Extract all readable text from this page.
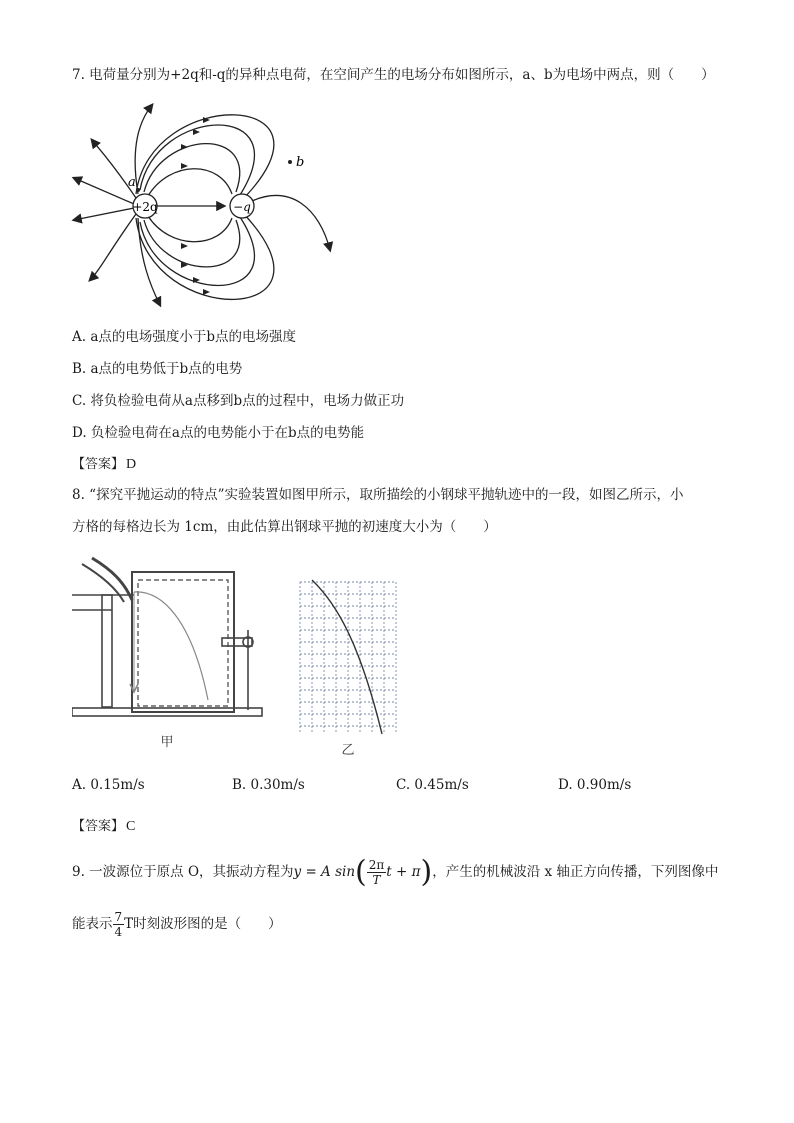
7. 电荷量分别为+2q和-q的异种点电荷，在空间产生的电场分布如图所示，a、b为电场中两点，则（　　）
+2q	−q
a
b
A. a点的电场强度小于b点的电场强度
B. a点的电势低于b点的电势
C. 将负检验电荷从a点移到b点的过程中，电场力做正功
D. 负检验电荷在a点的电势能小于在b点的电势能
【答案】 D
8. “探究平抛运动的特点”实验装置如图甲所示，取所描绘的小钢球平抛轨迹中的一段，如图乙所示，小
方格的每格边长为 1cm，由此估算出钢球平抛的初速度大小为（　　）
甲
乙
A. 0.15m/s	B. 0.30m/s	C. 0.45m/s	D. 0.90m/s
【答案】 C
9. 一波源位于原点 O，其振动方程为y = A $\sin( \frac{2\pi}{T}$ t + π)，产生的机械波沿 x 轴正方向传播，下列图像中
能表示 $\frac{7}{4}$ T时刻波形图的是（　　）
